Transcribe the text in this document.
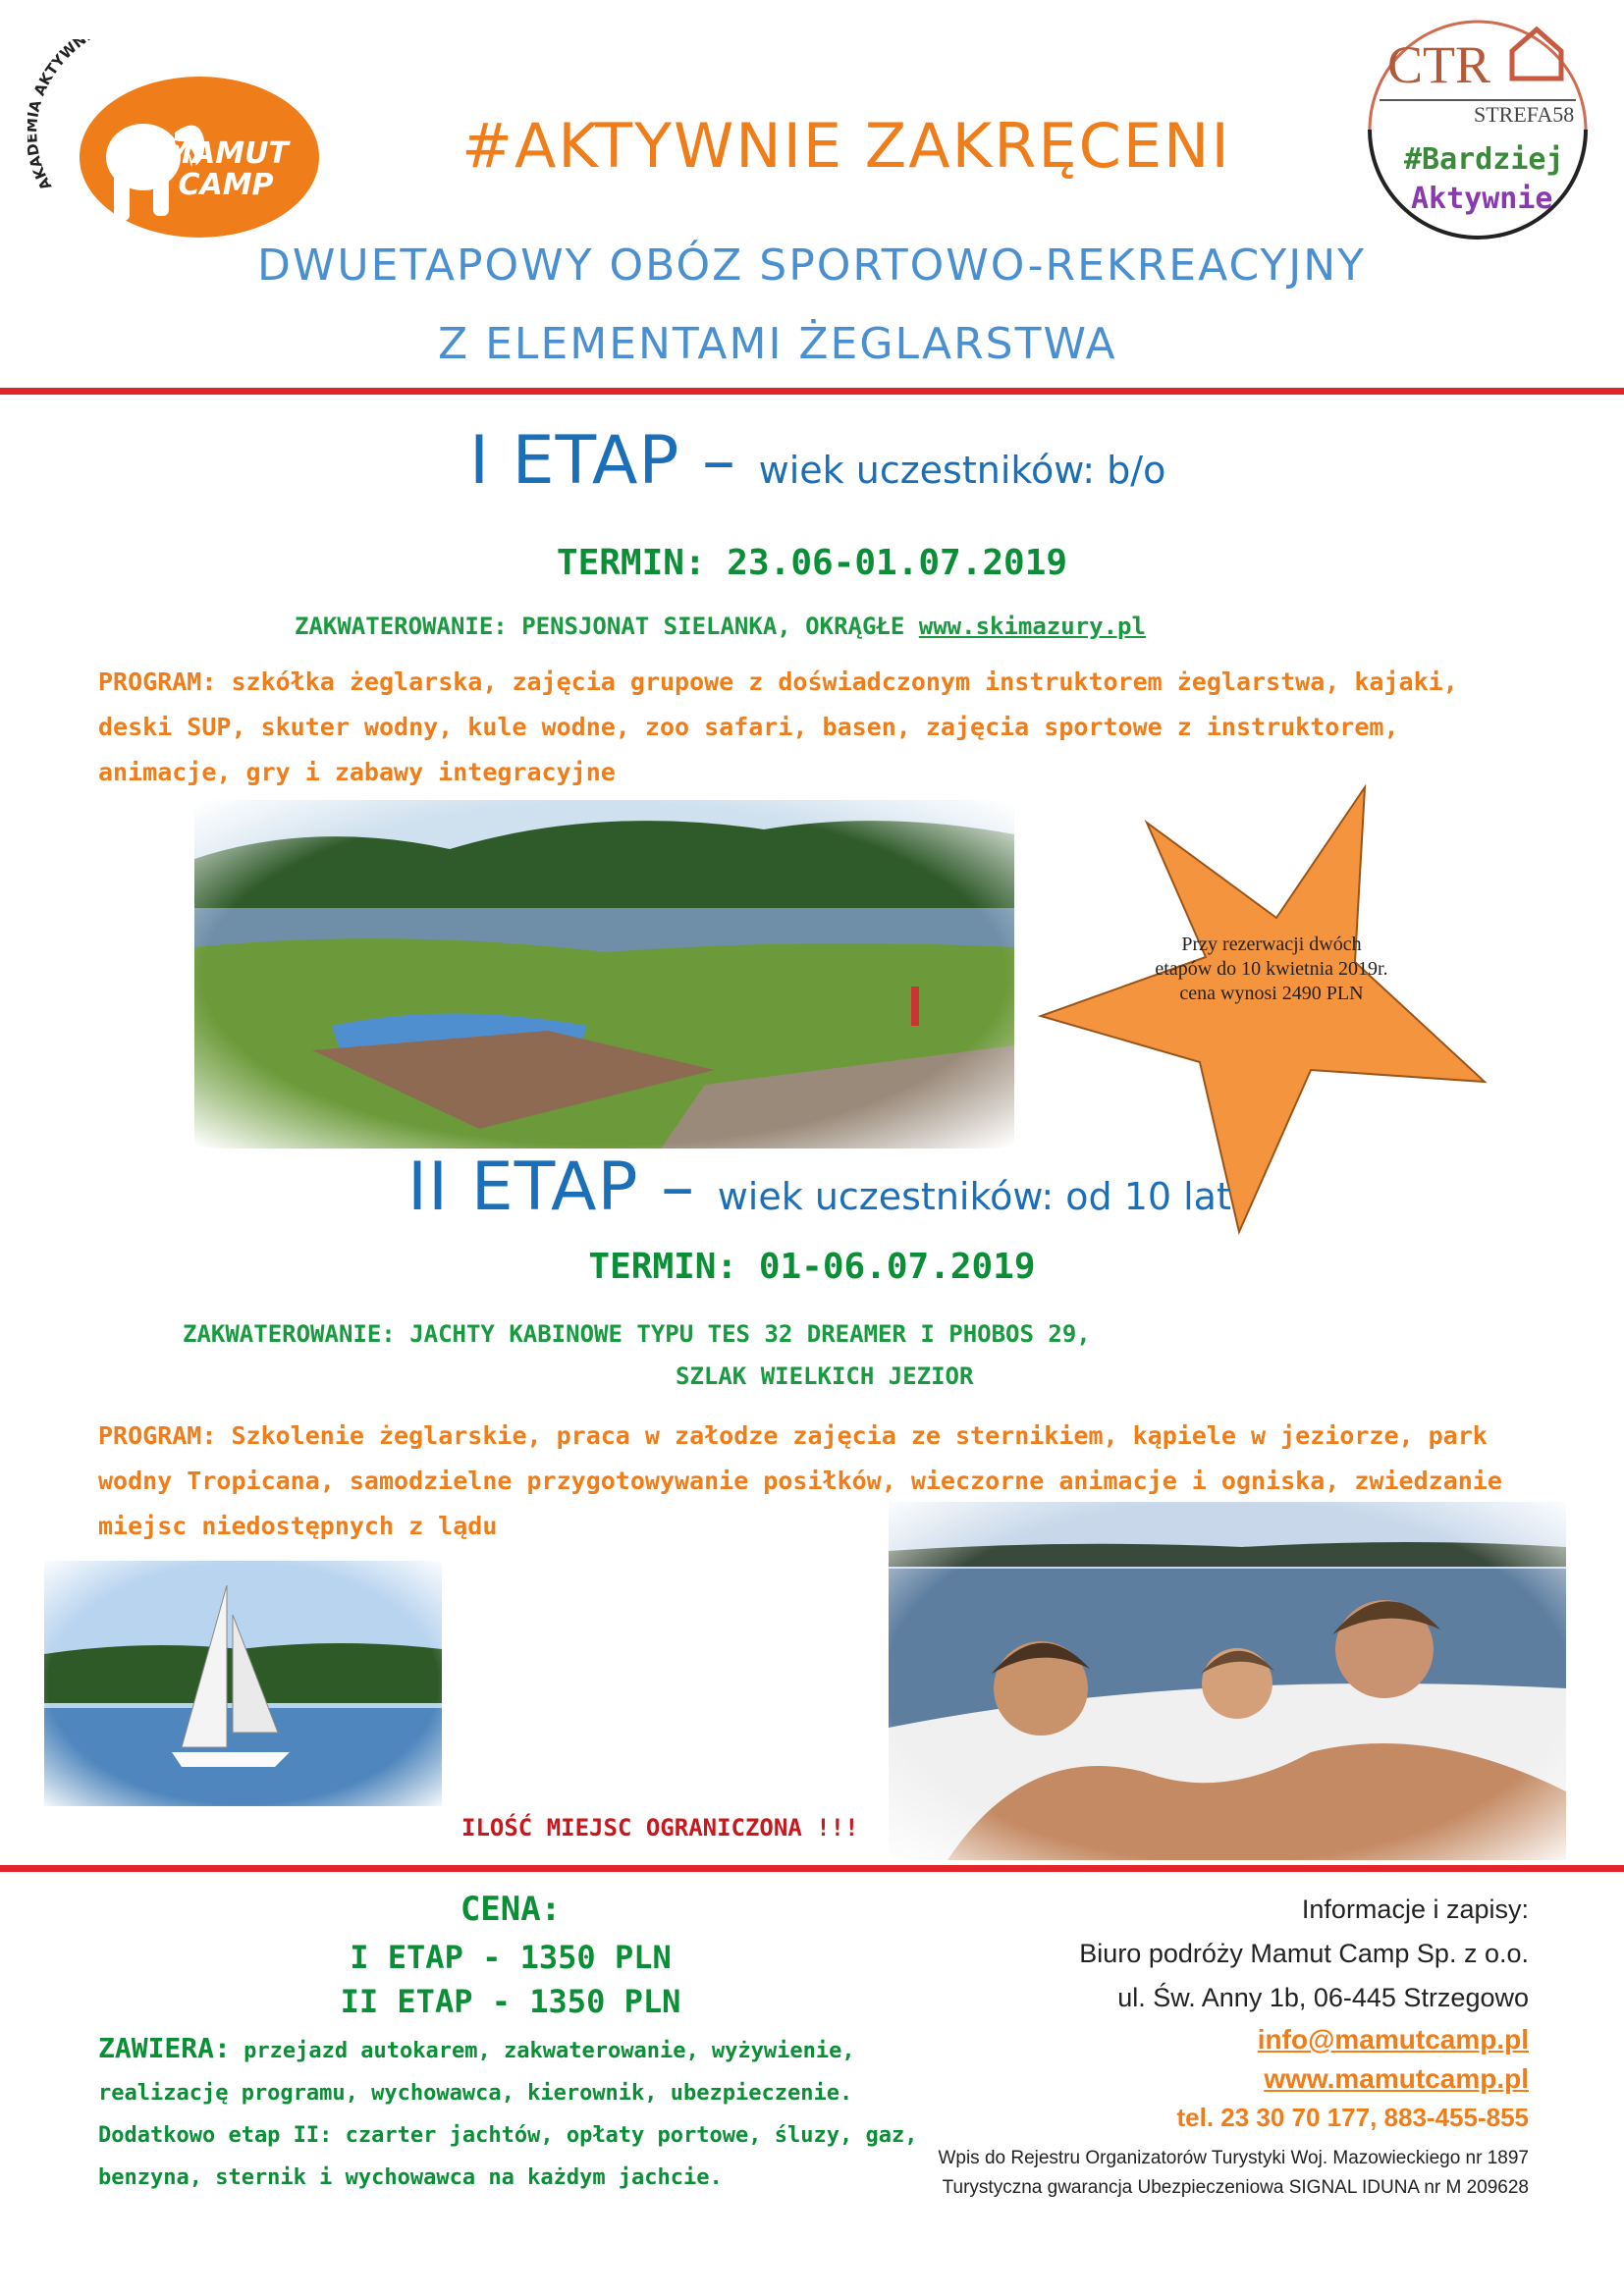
AKA AKTYWN
MAMUT
CAMP
CTR
STREFA58
#Bardziej
Aktywnie
#AKTYWNIE ZAKRĘCENI
DWUETAPOWY OBÓZ SPORTOWO-REKREACYJNY
Z ELEMENTAMI ŻEGLARSTWA
I ETAP – wiek uczestników: b/o
TERMIN: 23.06-01.07.2019
ZAKWATEROWANIE: PENSJONAT SIELANKA, OKRĄGŁE www.skimazury.pl
PROGRAM: szkółka żeglarska, zajęcia grupowe z doświadczonym instruktorem żeglarstwa, kajaki, deski SUP, skuter wodny, kule wodne, zoo safari, basen, zajęcia sportowe z instruktorem, animacje, gry i zabawy integracyjne
Przy rezerwacji dwóch etapów do 10 kwietnia 2019r. cena wynosi 2490 PLN
II ETAP – wiek uczestników: od 10 lat
TERMIN: 01-06.07.2019
ZAKWATEROWANIE: JACHTY KABINOWE TYPU TES 32 DREAMER I PHOBOS 29,
SZLAK WIELKICH JEZIOR
PROGRAM: Szkolenie żeglarskie, praca w załodze zajęcia ze sternikiem, kąpiele w jeziorze, park wodny Tropicana, samodzielne przygotowywanie posiłków, wieczorne animacje i ogniska, zwiedzanie miejsc niedostępnych z lądu
ILOŚĆ MIEJSC OGRANICZONA !!!
CENA:
I ETAP - 1350 PLN
II ETAP - 1350 PLN
ZAWIERA: przejazd autokarem, zakwaterowanie, wyżywienie, realizację programu, wychowawca, kierownik, ubezpieczenie. Dodatkowo etap II: czarter jachtów, opłaty portowe, śluzy, gaz, benzyna, sternik i wychowawca na każdym jachcie.
Informacje i zapisy:
Biuro podróży Mamut Camp Sp. z o.o.
ul. Św. Anny 1b, 06-445 Strzegowo
info@mamutcamp.pl
www.mamutcamp.pl
tel. 23 30 70 177, 883-455-855
Wpis do Rejestru Organizatorów Turystyki Woj. Mazowieckiego nr 1897
Turystyczna gwarancja Ubezpieczeniowa SIGNAL IDUNA nr M 209628
